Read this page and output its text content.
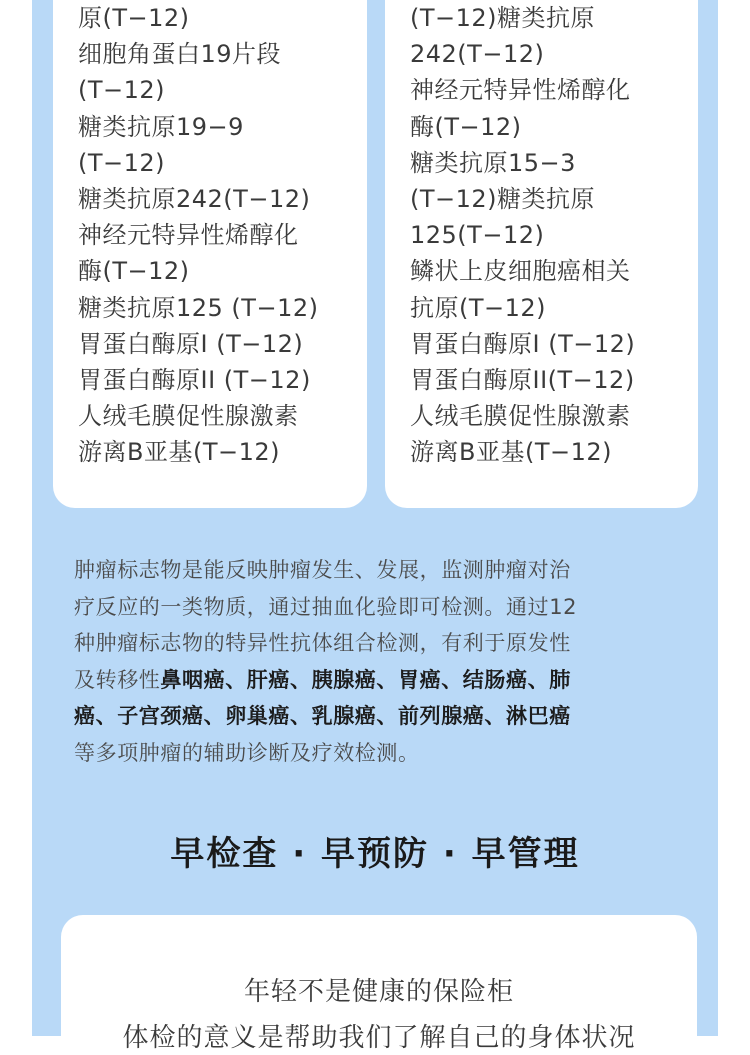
原(T−12)
细胞角蛋白19片段
(T−12)
糖类抗原19−9
(T−12)
糖类抗原242(T−12)
神经元特异性烯醇化
酶(T−12)
糖类抗原125 (T−12)
胃蛋白酶原I (T−12)
胃蛋白酶原II (T−12)
人绒毛膜促性腺激素
游离B亚基(T−12)
(T−12)糖类抗原
242(T−12)
神经元特异性烯醇化
酶(T−12)
糖类抗原15−3
(T−12)糖类抗原
125(T−12)
鳞状上皮细胞癌相关
抗原(T−12)
胃蛋白酶原I (T−12)
胃蛋白酶原II(T−12)
人绒毛膜促性腺激素
游离B亚基(T−12)
肿瘤标志物是能反映肿瘤发生、发展，监测肿瘤对治
疗反应的一类物质，通过抽血化验即可检测。通过12
种肿瘤标志物的特异性抗体组合检测，有利于原发性
及转移性鼻咽癌、肝癌、胰腺癌、胃癌、结肠癌、肺
癌、子宫颈癌、卵巢癌、乳腺癌、前列腺癌、淋巴癌
等多项肿瘤的辅助诊断及疗效检测。
早检查 · 早预防 · 早管理
年轻不是健康的保险柜
体检的意义是帮助我们了解自己的身体状况
